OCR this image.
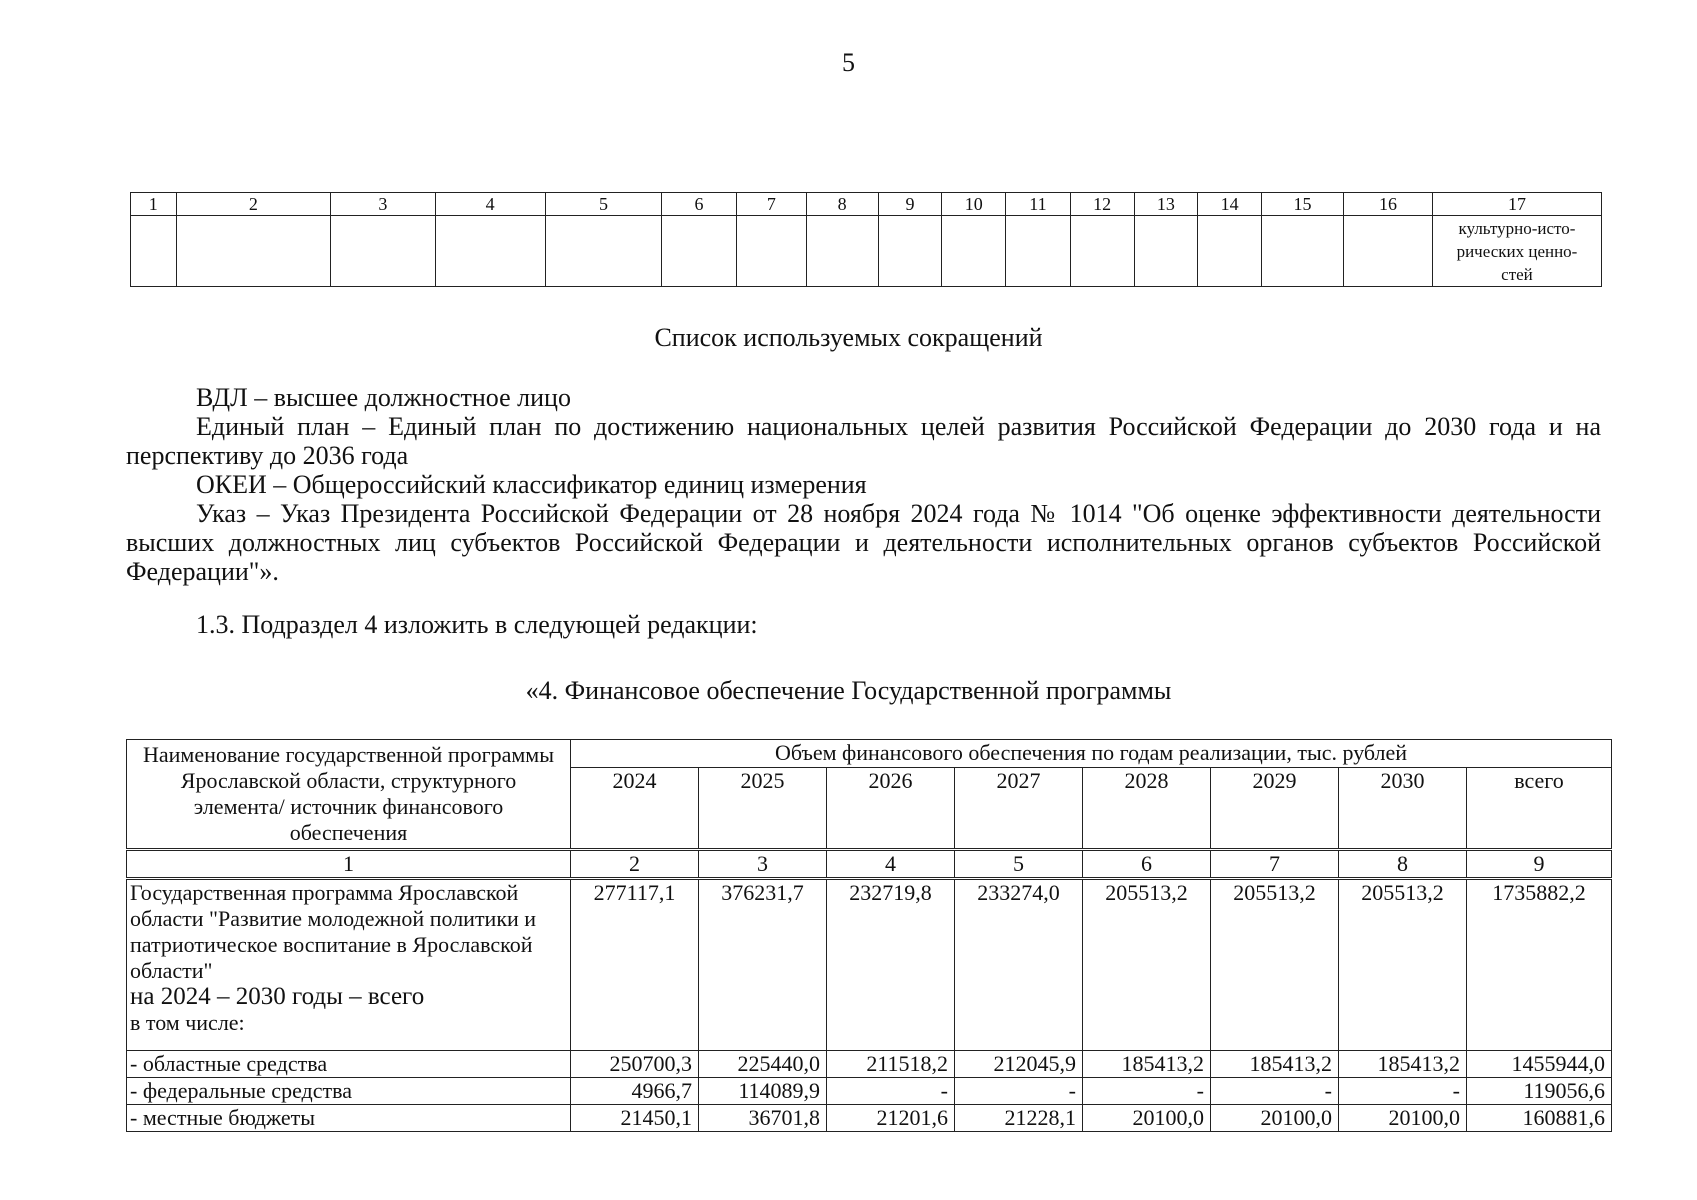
5
1	2	3	4	5	6	7	8	9	10	11	12	13	14	15	16	17

																культурно-исто-
рических ценно-
стей
Список используемых сокращений

ВДЛ – высшее должностное лицо

Единый план – Единый план по достижению национальных целей развития Российской Федерации до 2030 года и на перспективу до 2036 года

ОКЕИ – Общероссийский классификатор единиц измерения

Указ – Указ Президента Российской Федерации от 28 ноября 2024 года № 1014 "Об оценке эффективности деятельности высших должностных лиц субъектов Российской Федерации и деятельности исполнительных органов субъектов Российской Федерации"».

1.3. Подраздел 4 изложить в следующей редакции:

«4. Финансовое обеспечение Государственной программы
Наименование государственной программы Ярославской области, структурного элемента/ источник финансового обеспечения	Объем финансового обеспечения по годам реализации, тыс. рублей							
	2024	2025	2026	2027	2028	2029	2030	всего
1	2	3	4	5	6	7	8	9
Государственная программа Ярославской области "Развитие молодежной политики и патриотическое воспитание в Ярославской области"
на 2024 – 2030 годы – всего
в том числе:	277117,1	376231,7	232719,8	233274,0	205513,2	205513,2	205513,2	1735882,2
- областные средства	250700,3	225440,0	211518,2	212045,9	185413,2	185413,2	185413,2	1455944,0
- федеральные средства	4966,7	114089,9	-	-	-	-	-	119056,6
- местные бюджеты	21450,1	36701,8	21201,6	21228,1	20100,0	20100,0	20100,0	160881,6
